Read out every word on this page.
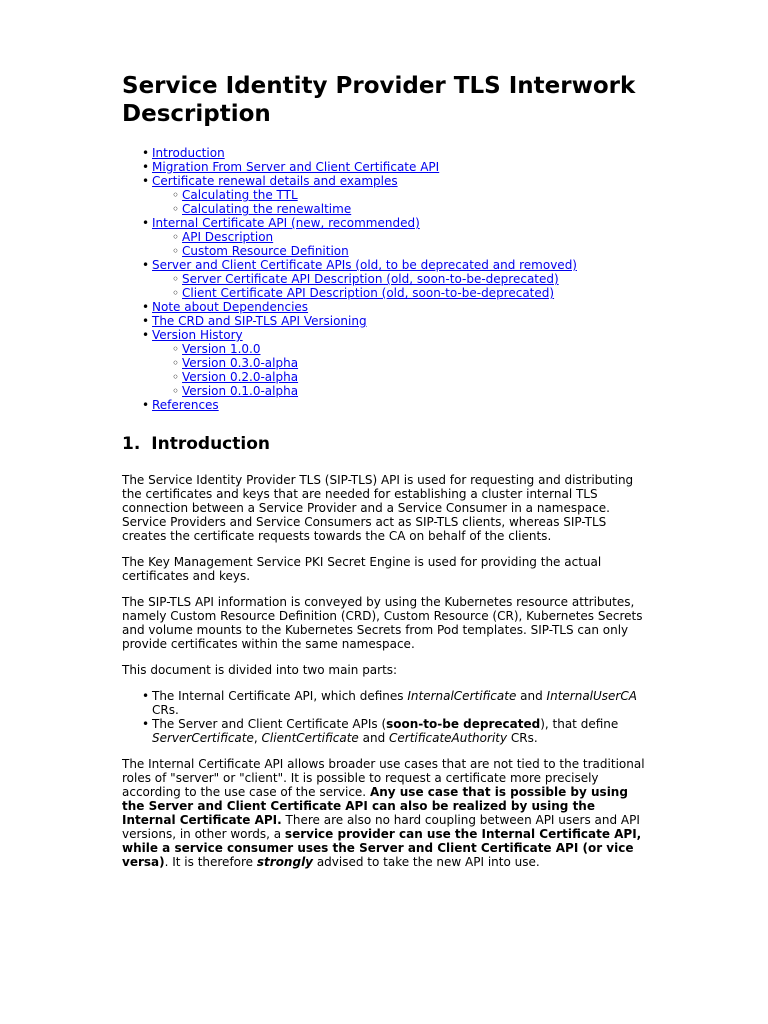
Service Identity Provider TLS Interwork Description
• Introduction
• Migration From Server and Client Certificate API
• Certificate renewal details and examples
◦ Calculating the TTL
◦ Calculating the renewaltime
• Internal Certificate API (new, recommended)
◦ API Description
◦ Custom Resource Definition
• Server and Client Certificate APIs (old, to be deprecated and removed)
◦ Server Certificate API Description (old, soon-to-be-deprecated)
◦ Client Certificate API Description (old, soon-to-be-deprecated)
• Note about Dependencies
• The CRD and SIP-TLS API Versioning
• Version History
◦ Version 1.0.0
◦ Version 0.3.0-alpha
◦ Version 0.2.0-alpha
◦ Version 0.1.0-alpha
• References
1. Introduction

The Service Identity Provider TLS (SIP-TLS) API is used for requesting and distributing the certificates and keys that are needed for establishing a cluster internal TLS connection between a Service Provider and a Service Consumer in a namespace. Service Providers and Service Consumers act as SIP-TLS clients, whereas SIP-TLS creates the certificate requests towards the CA on behalf of the clients.

The Key Management Service PKI Secret Engine is used for providing the actual certificates and keys.

The SIP-TLS API information is conveyed by using the Kubernetes resource attributes, namely Custom Resource Definition (CRD), Custom Resource (CR), Kubernetes Secrets and volume mounts to the Kubernetes Secrets from Pod templates. SIP-TLS can only provide certificates within the same namespace.

This document is divided into two main parts:

• The Internal Certificate API, which defines InternalCertificate and InternalUserCA CRs.
• The Server and Client Certificate APIs (soon-to-be deprecated), that define ServerCertificate, ClientCertificate and CertificateAuthority CRs.

The Internal Certificate API allows broader use cases that are not tied to the traditional roles of "server" or "client". It is possible to request a certificate more precisely according to the use case of the service. Any use case that is possible by using the Server and Client Certificate API can also be realized by using the Internal Certificate API. There are also no hard coupling between API users and API versions, in other words, a service provider can use the Internal Certificate API, while a service consumer uses the Server and Client Certificate API (or vice versa). It is therefore strongly advised to take the new API into use.
